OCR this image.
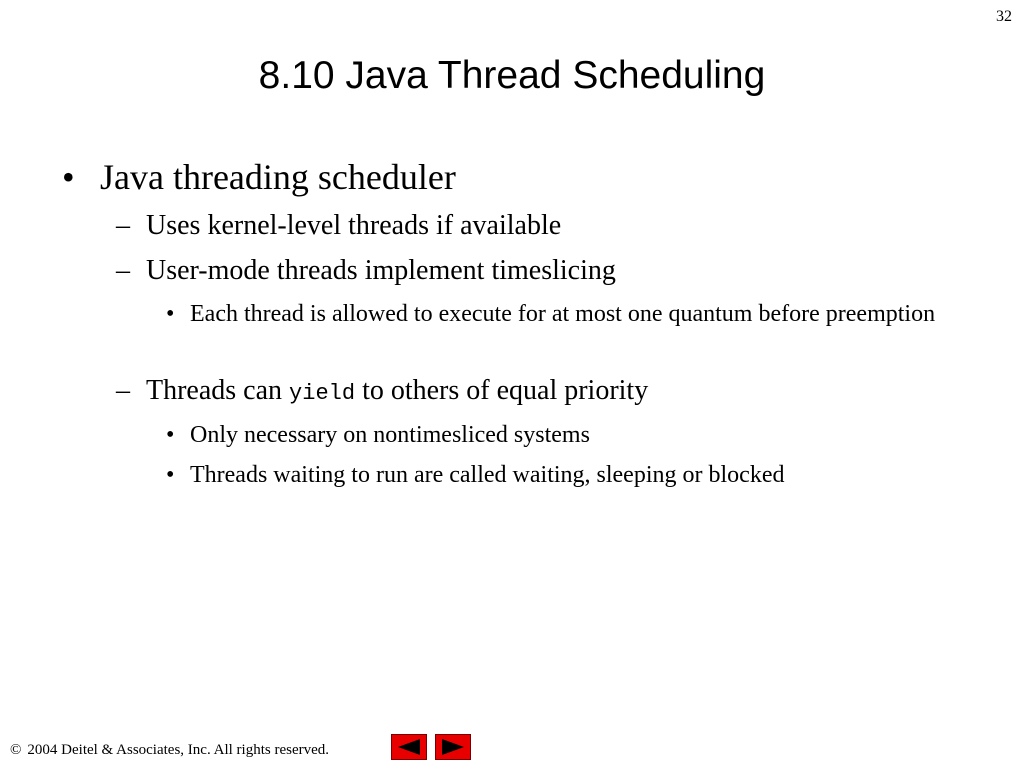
32
8.10 Java Thread Scheduling
• Java threading scheduler
– Uses kernel-level threads if available
– User-mode threads implement timeslicing
• Each thread is allowed to execute for at most one quantum before preemption
– Threads can yield to others of equal priority
• Only necessary on nontimesliced systems
• Threads waiting to run are called waiting, sleeping or blocked
© 2004 Deitel & Associates, Inc. All rights reserved.
